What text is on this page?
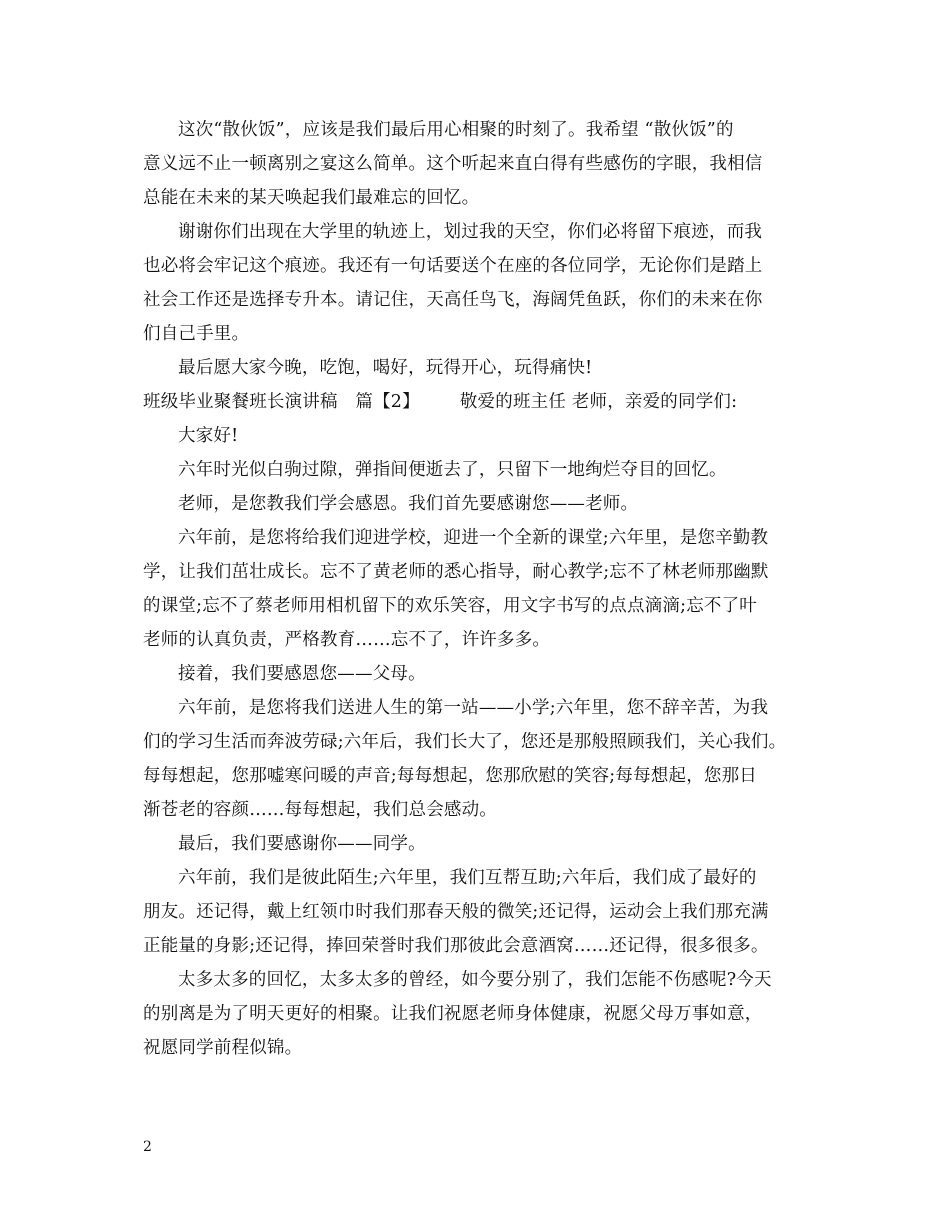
这次“散伙饭”，应该是我们最后用心相聚的时刻了。我希望 “散伙饭”的
意义远不止一顿离别之宴这么简单。这个听起来直白得有些感伤的字眼，我相信
总能在未来的某天唤起我们最难忘的回忆。
谢谢你们出现在大学里的轨迹上，划过我的天空，你们必将留下痕迹，而我
也必将会牢记这个痕迹。我还有一句话要送个在座的各位同学，无论你们是踏上
社会工作还是选择专升本。请记住，天高任鸟飞，海阔凭鱼跃，你们的未来在你
们自己手里。
最后愿大家今晚，吃饱，喝好，玩得开心，玩得痛快!
班级毕业聚餐班长演讲稿　篇【2】 敬爱的班主任 老师，亲爱的同学们:
大家好!
六年时光似白驹过隙，弹指间便逝去了，只留下一地绚烂夺目的回忆。
老师，是您教我们学会感恩。我们首先要感谢您——老师。
六年前，是您将给我们迎进学校，迎进一个全新的课堂;六年里，是您辛勤教
学，让我们茁壮成长。忘不了黄老师的悉心指导，耐心教学;忘不了林老师那幽默
的课堂;忘不了蔡老师用相机留下的欢乐笑容，用文字书写的点点滴滴;忘不了叶
老师的认真负责，严格教育……忘不了，许许多多。
接着，我们要感恩您——父母。
六年前，是您将我们送进人生的第一站——小学;六年里，您不辞辛苦，为我
们的学习生活而奔波劳碌;六年后，我们长大了，您还是那般照顾我们，关心我们。
每每想起，您那嘘寒问暖的声音;每每想起，您那欣慰的笑容;每每想起，您那日
渐苍老的容颜……每每想起，我们总会感动。
最后，我们要感谢你——同学。
六年前，我们是彼此陌生;六年里，我们互帮互助;六年后，我们成了最好的
朋友。还记得，戴上红领巾时我们那春天般的微笑;还记得，运动会上我们那充满
正能量的身影;还记得，捧回荣誉时我们那彼此会意酒窝……还记得，很多很多。
太多太多的回忆，太多太多的曾经，如今要分别了，我们怎能不伤感呢?今天
的别离是为了明天更好的相聚。让我们祝愿老师身体健康，祝愿父母万事如意，
祝愿同学前程似锦。
2
